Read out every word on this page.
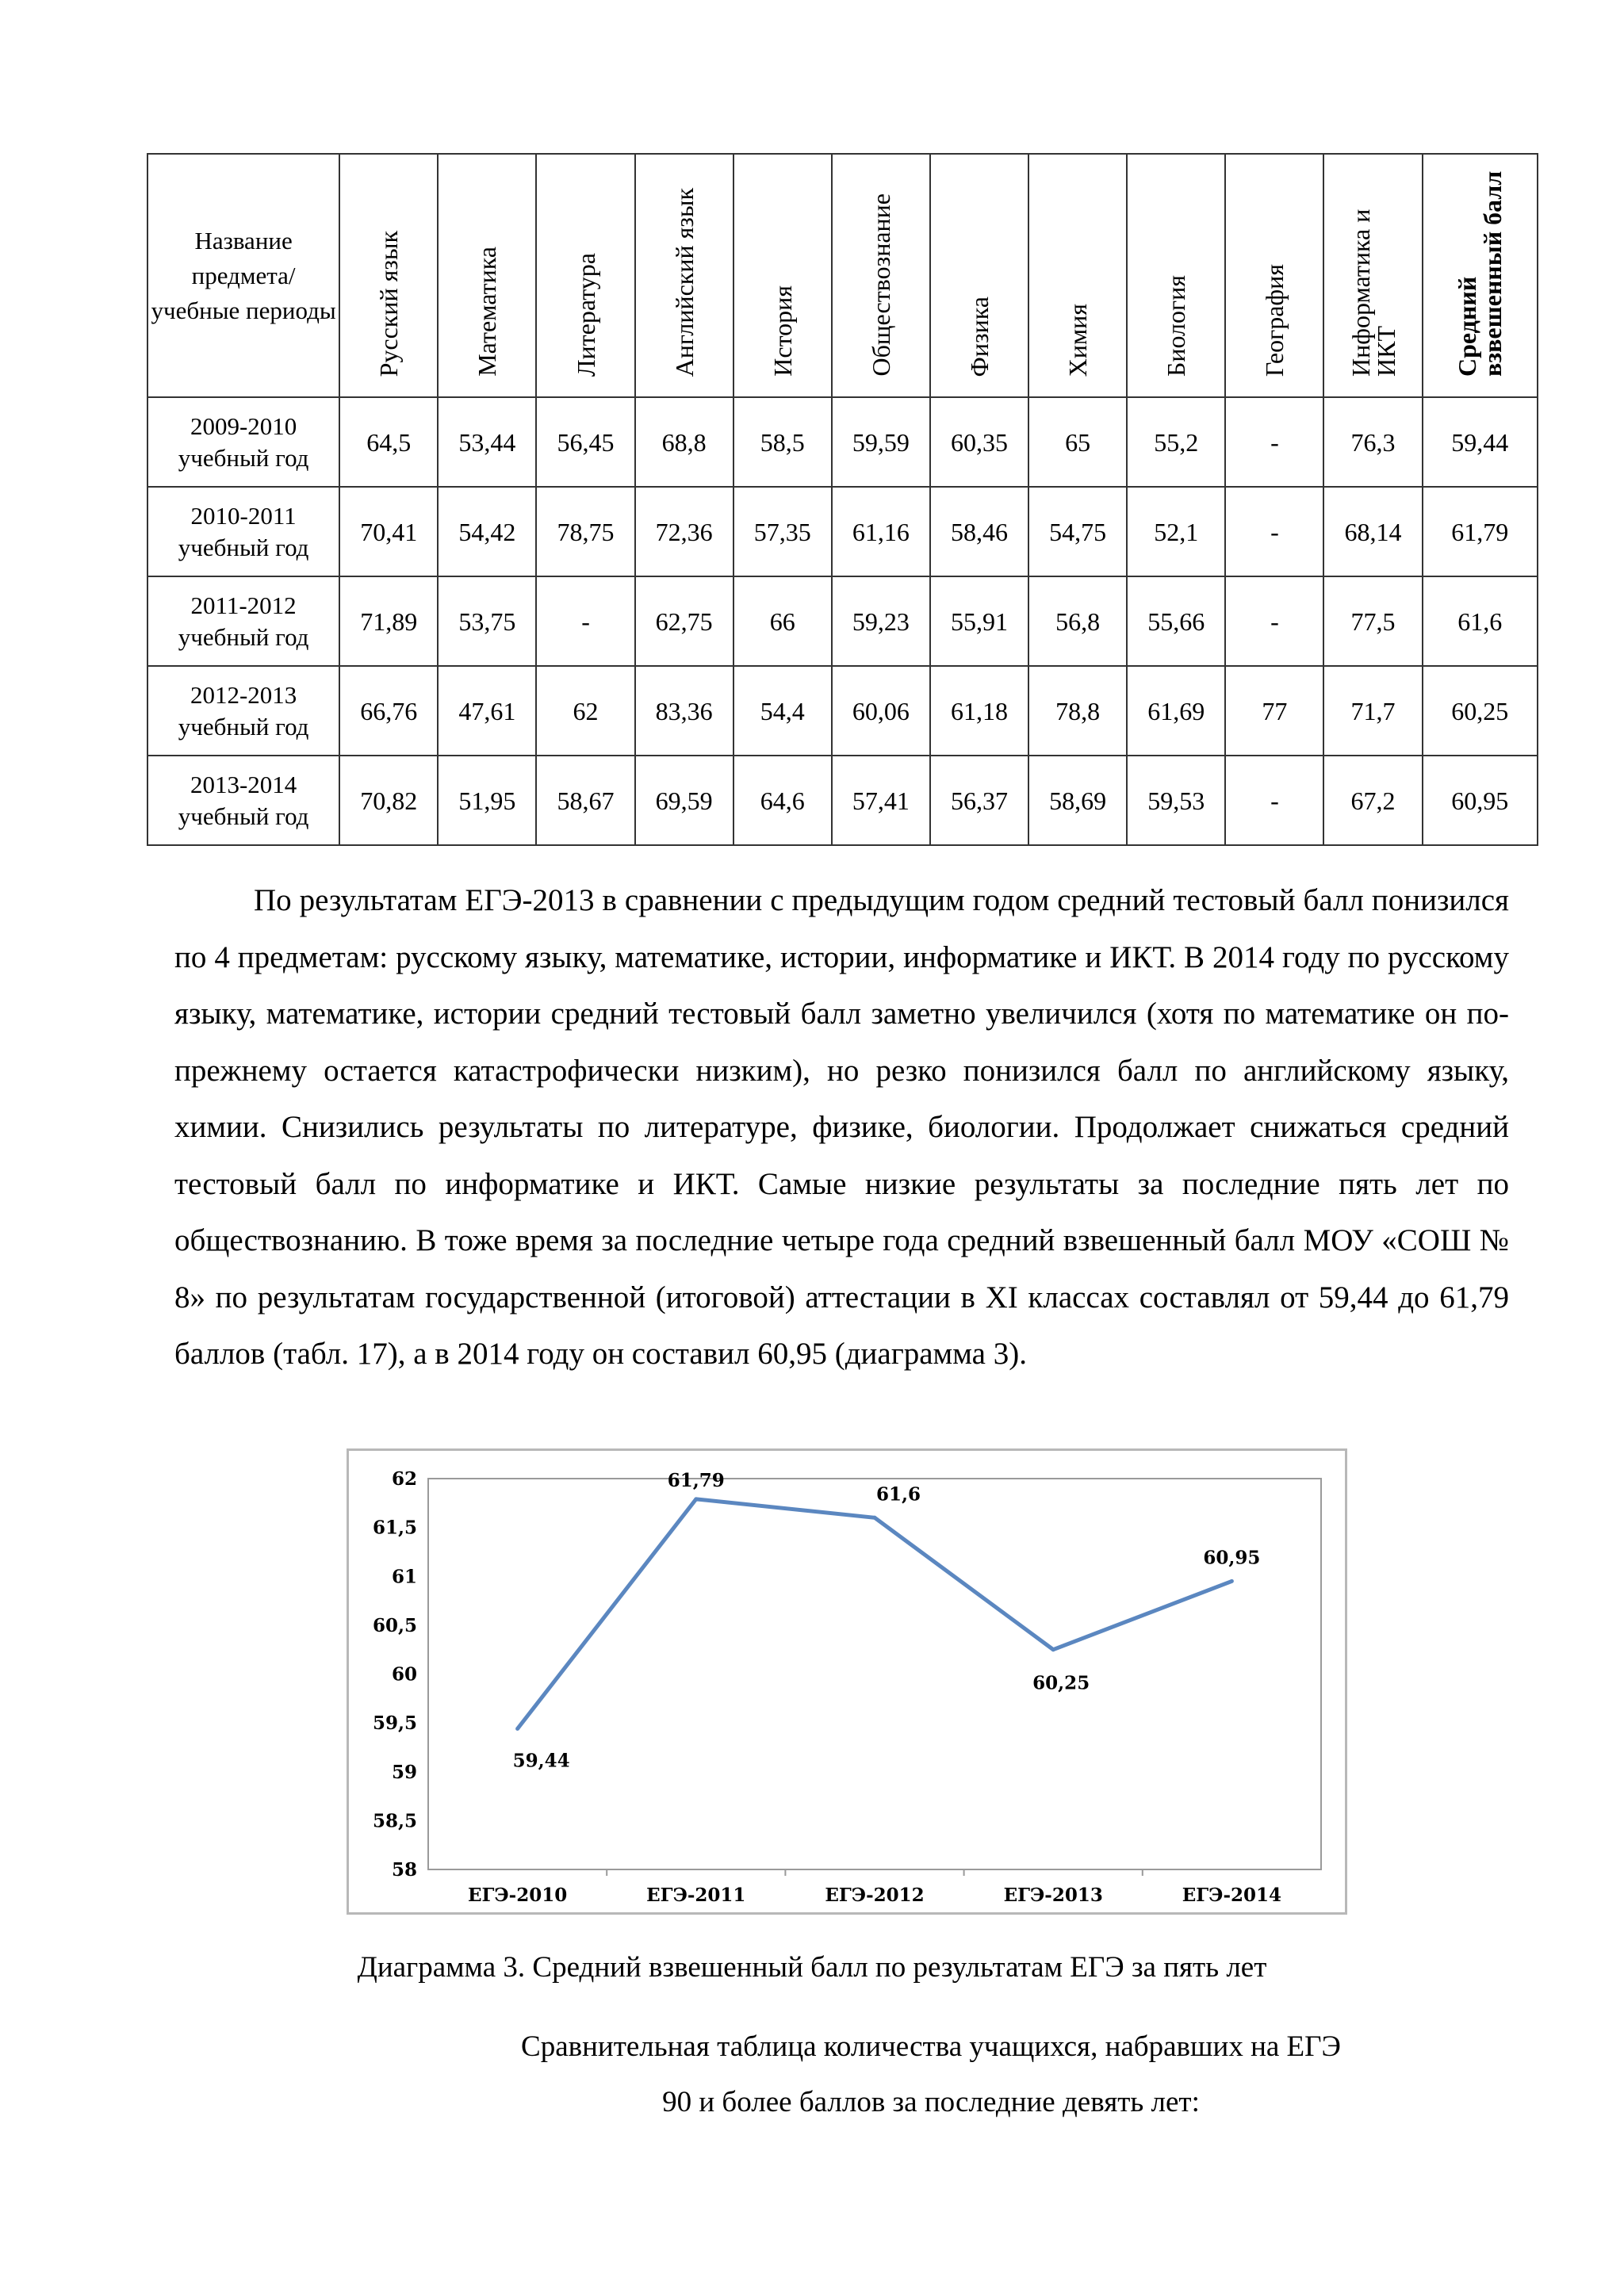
Название предмета/ учебные периоды	Русский язык	Математика	Литература	Английский язык	История	Обществознание	Физика	Химия	Биология	География	Информатика и ИКТ	Средний взвешенный балл
2009-2010 учебный год	64,5	53,44	56,45	68,8	58,5	59,59	60,35	65	55,2	-	76,3	59,44
2010-2011 учебный год	70,41	54,42	78,75	72,36	57,35	61,16	58,46	54,75	52,1	-	68,14	61,79
2011-2012 учебный год	71,89	53,75	-	62,75	66	59,23	55,91	56,8	55,66	-	77,5	61,6
2012-2013 учебный год	66,76	47,61	62	83,36	54,4	60,06	61,18	78,8	61,69	77	71,7	60,25
2013-2014 учебный год	70,82	51,95	58,67	69,59	64,6	57,41	56,37	58,69	59,53	-	67,2	60,95

По результатам ЕГЭ-2013 в сравнении с предыдущим годом средний тестовый балл понизился по 4 предметам: русскому языку, математике, истории, информатике и ИКТ. В 2014 году по русскому языку, математике, истории средний тестовый балл заметно увеличился (хотя по математике он по-прежнему остается катастрофически низким), но резко понизился балл по английскому языку, химии. Снизились результаты по литературе, физике, биологии. Продолжает снижаться средний тестовый балл по информатике и ИКТ. Самые низкие результаты за последние пять лет по обществознанию. В тоже время за последние четыре года средний взвешенный балл МОУ «СОШ № 8» по результатам государственной (итоговой) аттестации в XI классах составлял от 59,44 до 61,79 баллов (табл. 17), а в 2014 году он составил 60,95 (диаграмма 3).

58
58,5
59
59,5
60
60,5
61
61,5
62
ЕГЭ-2010	ЕГЭ-2011	ЕГЭ-2012	ЕГЭ-2013	ЕГЭ-2014
59,44
61,79
61,6
60,25
60,95

Диаграмма 3. Средний взвешенный балл по результатам ЕГЭ за пять лет

Сравнительная таблица количества учащихся, набравших на ЕГЭ

90 и более баллов за последние девять лет:
